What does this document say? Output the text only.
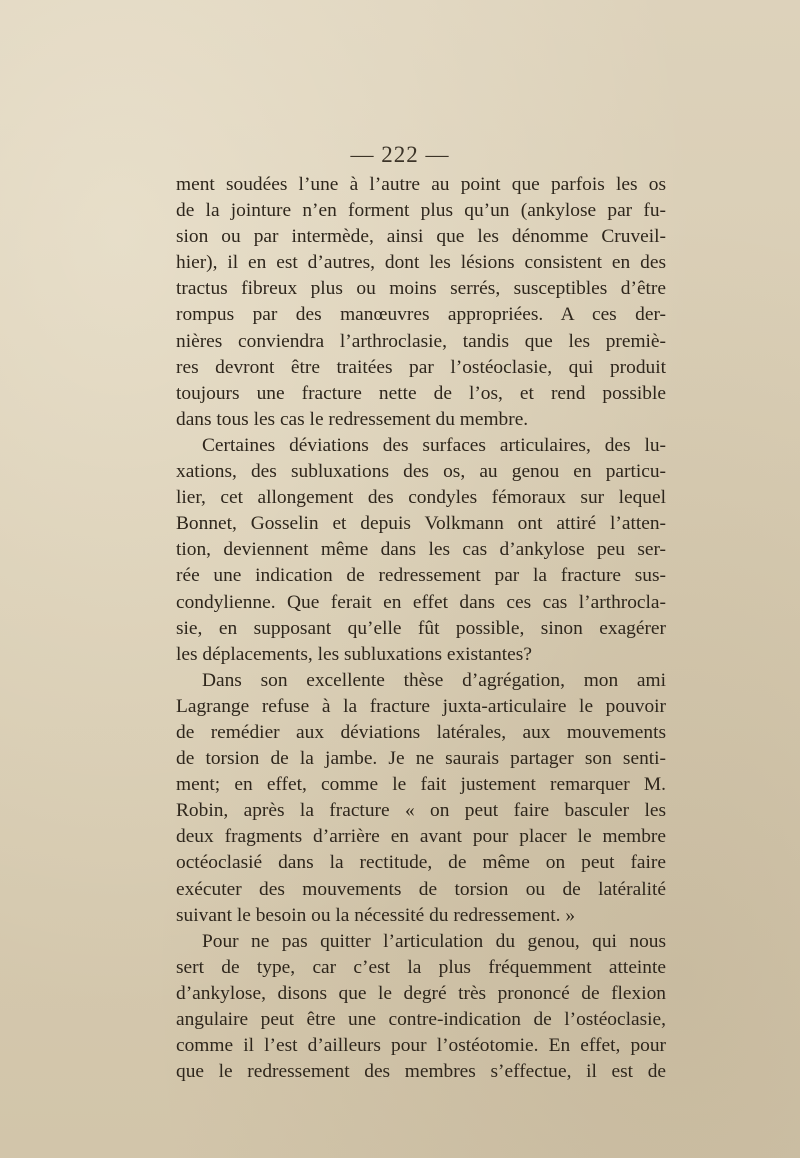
— 222 —
ment soudées l’une à l’autre au point que parfois les os
de la jointure n’en forment plus qu’un (ankylose par fu-
sion ou par intermède, ainsi que les dénomme Cruveil-
hier), il en est d’autres, dont les lésions consistent en des
tractus fibreux plus ou moins serrés, susceptibles d’être
rompus par des manœuvres appropriées. A ces der-
nières conviendra l’arthroclasie, tandis que les premiè-
res devront être traitées par l’ostéoclasie, qui produit
toujours une fracture nette de l’os, et rend possible
dans tous les cas le redressement du membre.
Certaines déviations des surfaces articulaires, des lu-
xations, des subluxations des os, au genou en particu-
lier, cet allongement des condyles fémoraux sur lequel
Bonnet, Gosselin et depuis Volkmann ont attiré l’atten-
tion, deviennent même dans les cas d’ankylose peu ser-
rée une indication de redressement par la fracture sus-
condylienne. Que ferait en effet dans ces cas l’arthrocla-
sie, en supposant qu’elle fût possible, sinon exagérer
les déplacements, les subluxations existantes?
Dans son excellente thèse d’agrégation, mon ami
Lagrange refuse à la fracture juxta-articulaire le pouvoir
de remédier aux déviations latérales, aux mouvements
de torsion de la jambe. Je ne saurais partager son senti-
ment; en effet, comme le fait justement remarquer M.
Robin, après la fracture « on peut faire basculer les
deux fragments d’arrière en avant pour placer le membre
octéoclasié dans la rectitude, de même on peut faire
exécuter des mouvements de torsion ou de latéralité
suivant le besoin ou la nécessité du redressement. »
Pour ne pas quitter l’articulation du genou, qui nous
sert de type, car c’est la plus fréquemment atteinte
d’ankylose, disons que le degré très prononcé de flexion
angulaire peut être une contre-indication de l’ostéoclasie,
comme il l’est d’ailleurs pour l’ostéotomie. En effet, pour
que le redressement des membres s’effectue, il est de
